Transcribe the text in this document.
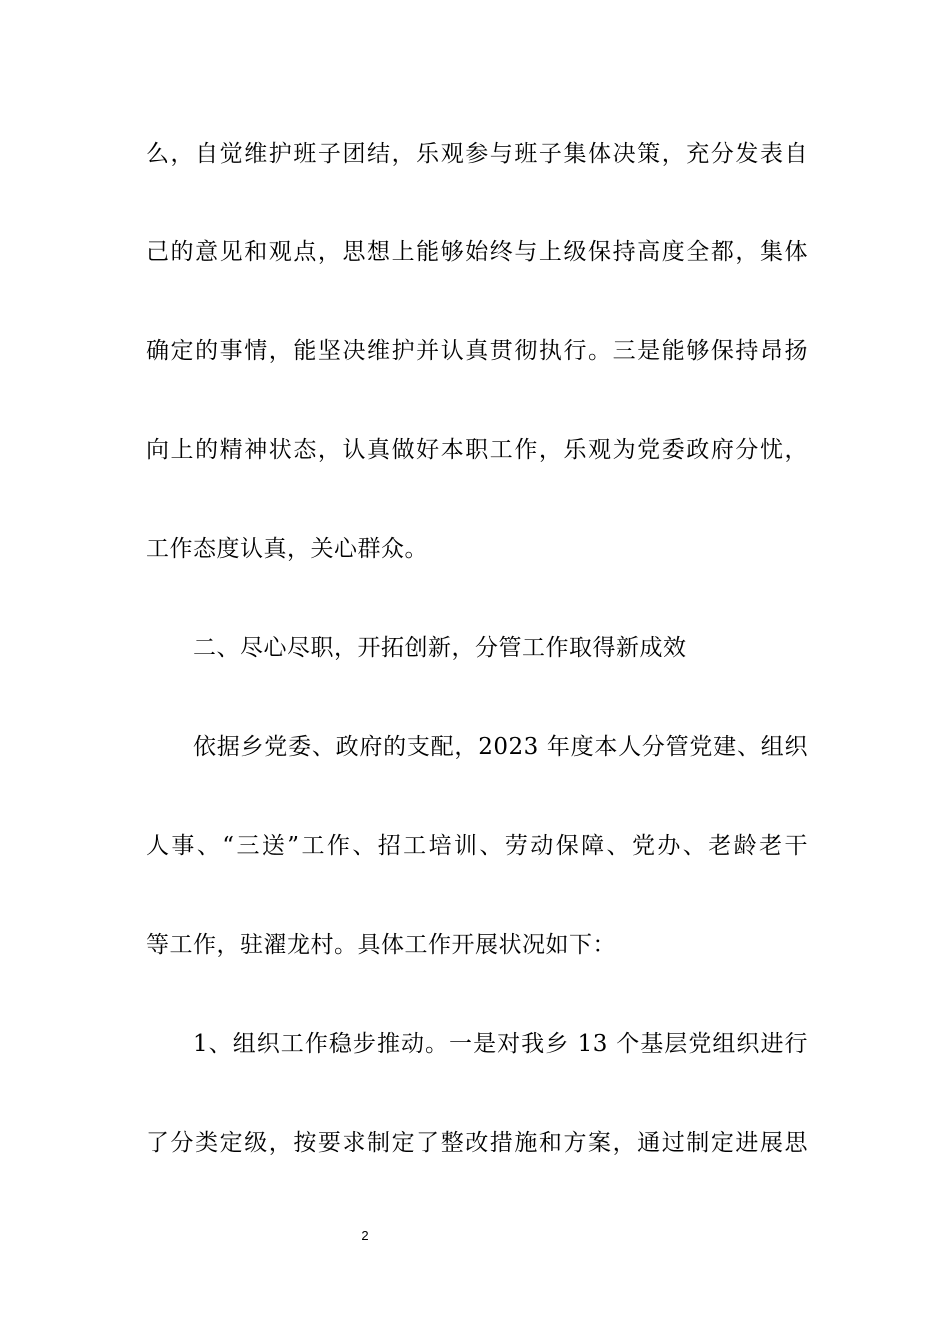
么，自觉维护班子团结，乐观参与班子集体决策，充分发表自
己的意见和观点，思想上能够始终与上级保持高度全都，集体
确定的事情，能坚决维护并认真贯彻执行。三是能够保持昂扬
向上的精神状态，认真做好本职工作，乐观为党委政府分忧，
工作态度认真，关心群众。
二、尽心尽职，开拓创新，分管工作取得新成效
依据乡党委、政府的支配，2023 年度本人分管党建、组织
人事、“三送”工作、招工培训、劳动保障、党办、老龄老干
等工作，驻濯龙村。具体工作开展状况如下：
1、组织工作稳步推动。一是对我乡 13 个基层党组织进行
了分类定级，按要求制定了整改措施和方案，通过制定进展思
2
